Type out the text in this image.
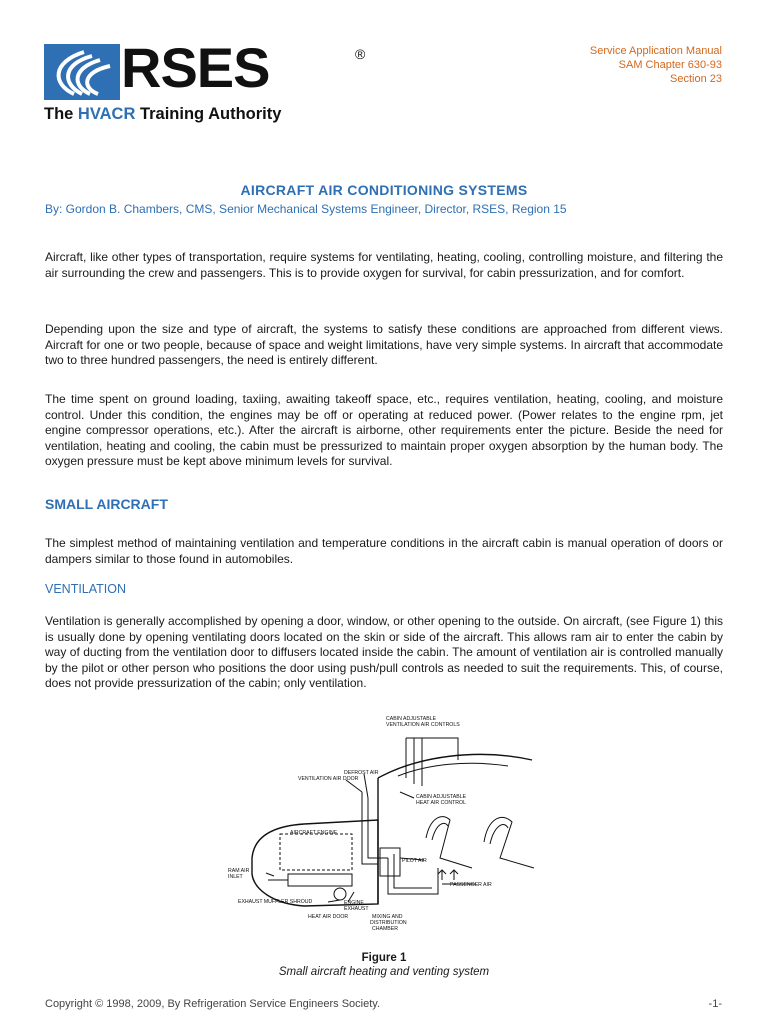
RSES	®
The HVACR Training Authority
Service Application Manual
SAM Chapter 630-93
Section 23
AIRCRAFT AIR CONDITIONING SYSTEMS
By: Gordon B. Chambers, CMS, Senior Mechanical Systems Engineer, Director, RSES, Region 15

Aircraft, like other types of transportation, require systems for ventilating, heating, cooling, controlling moisture, and filtering the air surrounding the crew and passengers. This is to provide oxygen for survival, for cabin pressurization, and for comfort.

Depending upon the size and type of aircraft, the systems to satisfy these conditions are approached from different views. Aircraft for one or two people, because of space and weight limitations, have very simple systems. In aircraft that accommodate two to three hundred passengers, the need is entirely different.

The time spent on ground loading, taxiing, awaiting takeoff space, etc., requires ventilation, heating, cooling, and moisture control. Under this condition, the engines may be off or operating at reduced power. (Power relates to the engine rpm, jet engine compressor operations, etc.). After the aircraft is airborne, other requirements enter the picture. Beside the need for ventilation, heating and cooling, the cabin must be pressurized to maintain proper oxygen absorption by the human body. The oxygen pressure must be kept above minimum levels for survival.

SMALL AIRCRAFT

The simplest method of maintaining ventilation and temperature conditions in the aircraft cabin is manual operation of doors or dampers similar to those found in automobiles.

VENTILATION

Ventilation is generally accomplished by opening a door, window, or other opening to the outside. On aircraft, (see Figure 1) this is usually done by opening ventilating doors located on the skin or side of the aircraft. This allows ram air to enter the cabin by way of ducting from the ventilation door to diffusers located inside the cabin. The amount of ventilation air is controlled manually by the pilot or other person who positions the door using push/pull controls as needed to suit the requirements. This, of course, does not provide pressurization of the cabin; only ventilation.

CABIN ADJUSTABLE
VENTILATION AIR CONTROLS
DEFROST AIR
VENTILATION AIR DOOR
CABIN ADJUSTABLE
HEAT AIR CONTROL
AIRCRAFT ENGINE
PILOT AIR
RAM AIR
INLET
PASSENGER AIR
EXHAUST MUFFLER SHROUD	ENGINE
EXHAUST
HEAT AIR DOOR	MIXING AND
DISTRIBUTION
CHAMBER
Figure 1
Small aircraft heating and venting system
Copyright © 1998, 2009, By Refrigeration Service Engineers Society.	-1-
